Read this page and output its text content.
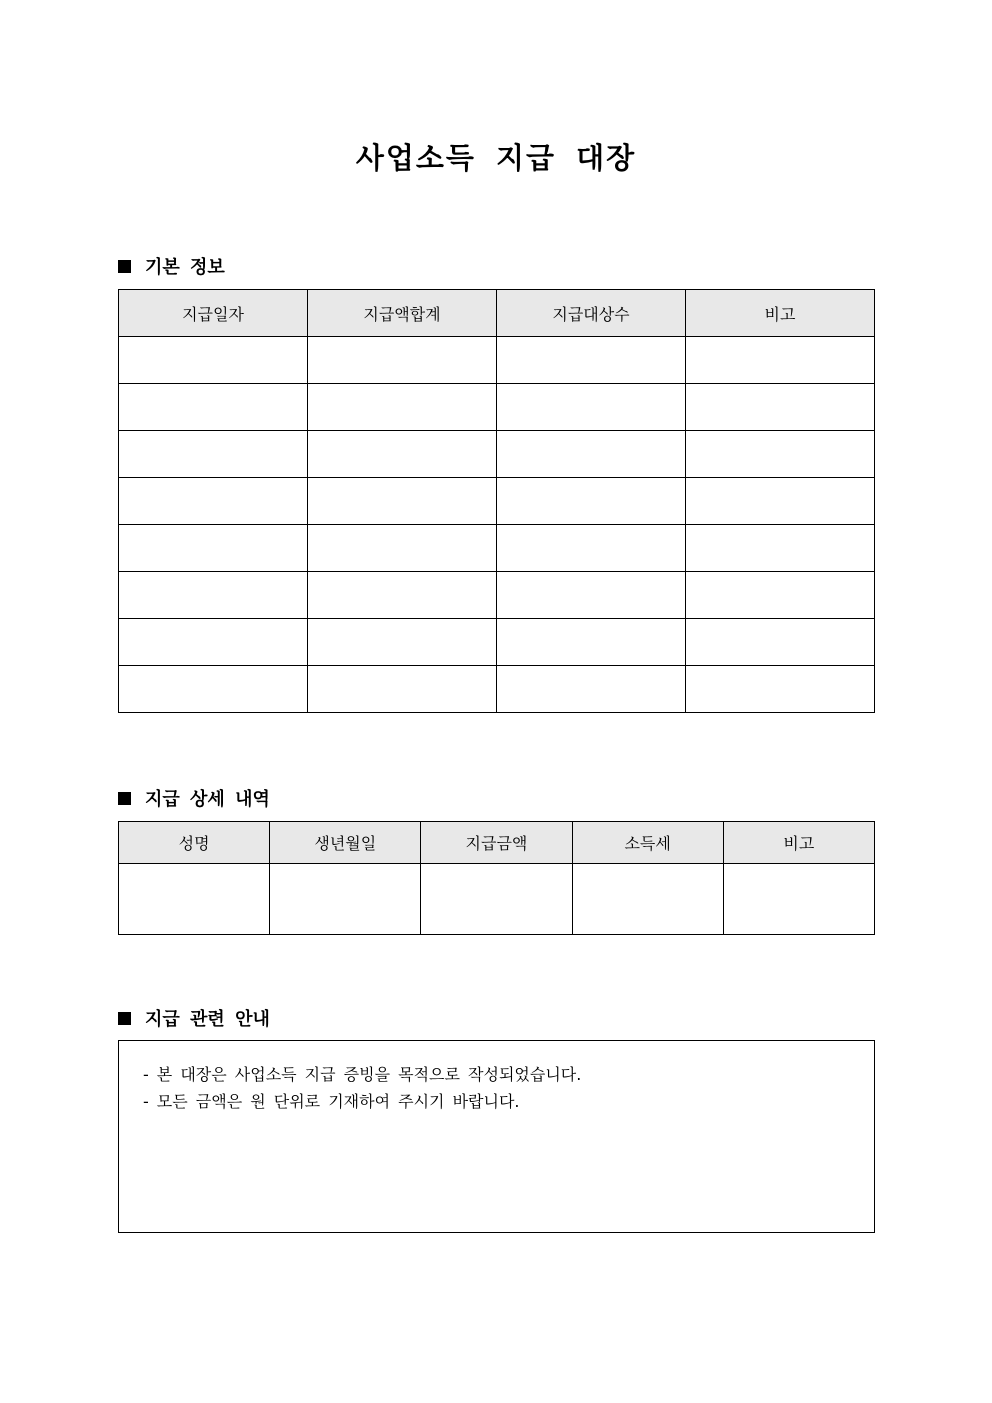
사업소득 지급 대장
기본 정보
지급일자	지급액합계	지급대상수	비고

지급 상세 내역
성명	생년월일	지급금액	소득세	비고

지급 관련 안내
- 본 대장은 사업소득 지급 증빙을 목적으로 작성되었습니다.
- 모든 금액은 원 단위로 기재하여 주시기 바랍니다.
